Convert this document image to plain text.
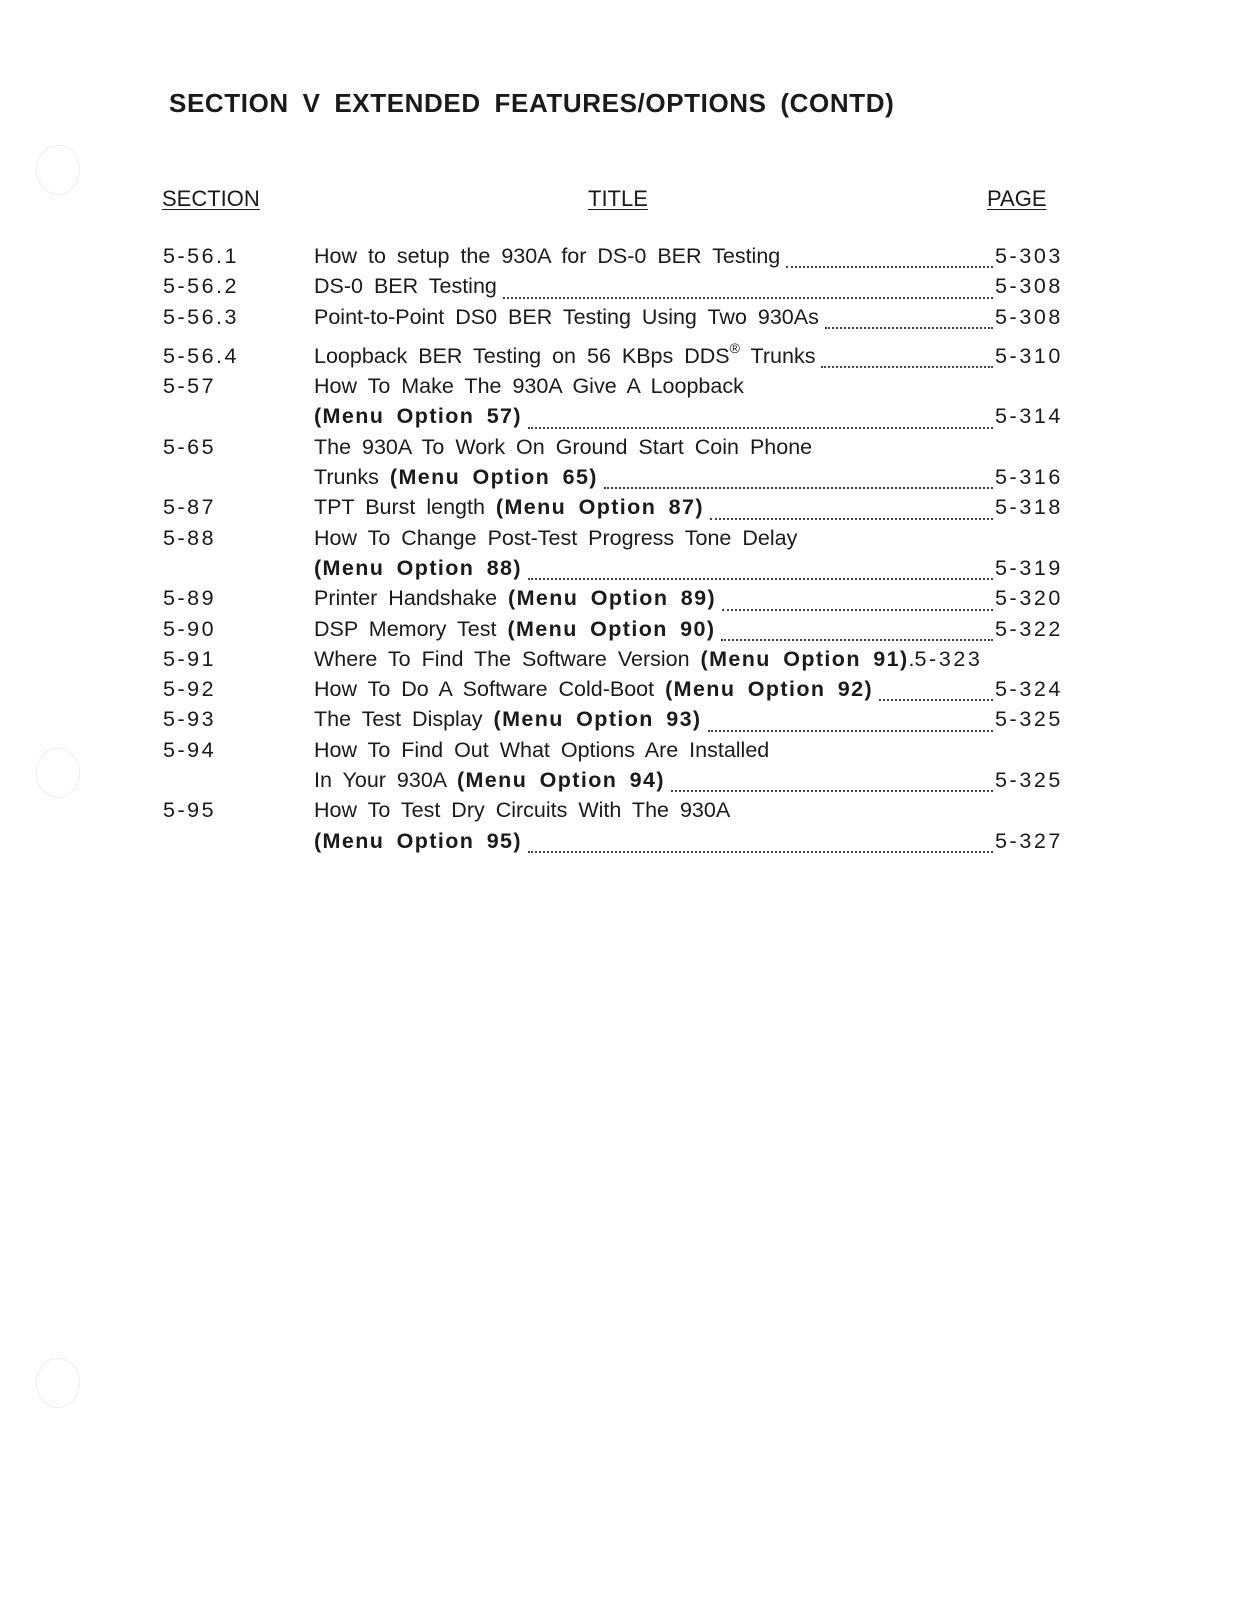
SECTION V EXTENDED FEATURES/OPTIONS (CONTD)
SECTION	TITLE	PAGE
5-56.1	How to setup the 930A for DS-0 BER Testing	5-303
5-56.2	DS-0 BER Testing	5-308
5-56.3	Point-to-Point DS0 BER Testing Using Two 930As	5-308
5-56.4	Loopback BER Testing on 56 KBps DDS® Trunks	5-310
5-57	How To Make The 930A Give A Loopback
(Menu Option 57)	5-314
5-65	The 930A To Work On Ground Start Coin Phone
Trunks (Menu Option 65)	5-316
5-87	TPT Burst length (Menu Option 87)	5-318
5-88	How To Change Post-Test Progress Tone Delay
(Menu Option 88)	5-319
5-89	Printer Handshake (Menu Option 89)	5-320
5-90	DSP Memory Test (Menu Option 90)	5-322
5-91	Where To Find The Software Version (Menu Option 91). 5-323
5-92	How To Do A Software Cold-Boot (Menu Option 92)	5-324
5-93	The Test Display (Menu Option 93)	5-325
5-94	How To Find Out What Options Are Installed
In Your 930A (Menu Option 94)	5-325
5-95	How To Test Dry Circuits With The 930A
(Menu Option 95)	5-327
